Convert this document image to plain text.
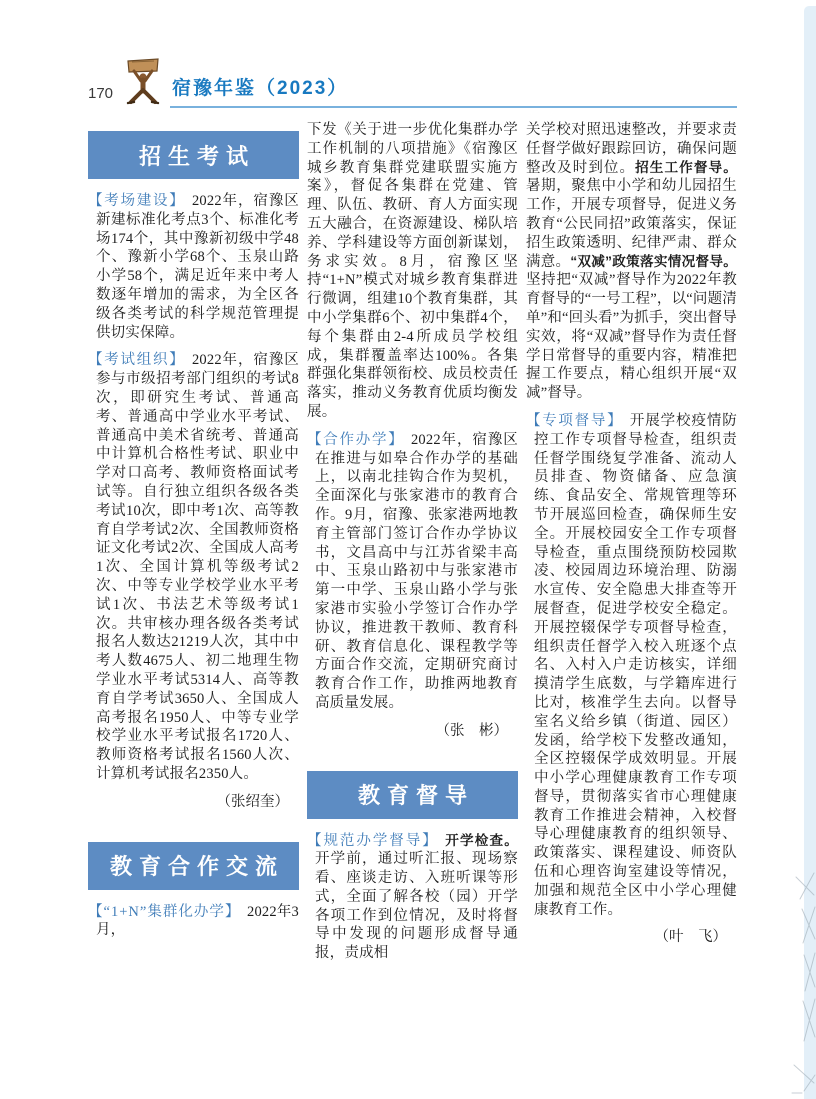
170	宿豫年鉴（2023）
招生考试

【考场建设】 2022年，宿豫区新建标准化考点3个、标准化考场174个，其中豫新初级中学48个、豫新小学68个、玉泉山路小学58个，满足近年来中考人数逐年增加的需求，为全区各级各类考试的科学规范管理提供切实保障。

【考试组织】 2022年，宿豫区参与市级招考部门组织的考试8次，即研究生考试、普通高考、普通高中学业水平考试、普通高中美术省统考、普通高中计算机合格性考试、职业中学对口高考、教师资格面试考试等。自行独立组织各级各类考试10次，即中考1次、高等教育自学考试2次、全国教师资格证文化考试2次、全国成人高考1次、全国计算机等级考试2次、中等专业学校学业水平考试1次、书法艺术等级考试1次。共审核办理各级各类考试报名人数达21219人次，其中中考人数4675人、初二地理生物学业水平考试5314人、高等教育自学考试3650人、全国成人高考报名1950人、中等专业学校学业水平考试报名1720人、教师资格考试报名1560人次、计算机考试报名2350人。

（张绍奎）
教育合作交流

【“1+N”集群化办学】 2022年3月，

下发《关于进一步优化集群办学工作机制的八项措施》《宿豫区城乡教育集群党建联盟实施方案》，督促各集群在党建、管理、队伍、教研、育人方面实现五大融合，在资源建设、梯队培养、学科建设等方面创新谋划，务求实效。8月，宿豫区坚持“1+N”模式对城乡教育集群进行微调，组建10个教育集群，其中小学集群6个、初中集群4个，每个集群由2-4所成员学校组成，集群覆盖率达100%。各集群强化集群领衔校、成员校责任落实，推动义务教育优质均衡发展。

【合作办学】 2022年，宿豫区在推进与如皋合作办学的基础上，以南北挂钩合作为契机，全面深化与张家港市的教育合作。9月，宿豫、张家港两地教育主管部门签订合作办学协议书，文昌高中与江苏省梁丰高中、玉泉山路初中与张家港市第一中学、玉泉山路小学与张家港市实验小学签订合作办学协议，推进教干教师、教育科研、教育信息化、课程教学等方面合作交流，定期研究商讨教育合作工作，助推两地教育高质量发展。

（张　彬）
教育督导

【规范办学督导】 开学检查。开学前，通过听汇报、现场察看、座谈走访、入班听课等形式，全面了解各校（园）开学各项工作到位情况，及时将督导中发现的问题形成督导通报，责成相

关学校对照迅速整改，并要求责任督学做好跟踪回访，确保问题整改及时到位。招生工作督导。暑期，聚焦中小学和幼儿园招生工作，开展专项督导，促进义务教育“公民同招”政策落实，保证招生政策透明、纪律严肃、群众满意。“双减”政策落实情况督导。坚持把“双减”督导作为2022年教育督导的“一号工程”，以“问题清单”和“回头看”为抓手，突出督导实效，将“双减”督导作为责任督学日常督导的重要内容，精准把握工作要点，精心组织开展“双减”督导。

【专项督导】 开展学校疫情防控工作专项督导检查，组织责任督学围绕复学准备、流动人员排查、物资储备、应急演练、食品安全、常规管理等环节开展巡回检查，确保师生安全。开展校园安全工作专项督导检查，重点围绕预防校园欺凌、校园周边环境治理、防溺水宣传、安全隐患大排查等开展督查，促进学校安全稳定。开展控辍保学专项督导检查，组织责任督学入校入班逐个点名、入村入户走访核实，详细摸清学生底数，与学籍库进行比对，核准学生去向。以督导室名义给乡镇（街道、园区）发函，给学校下发整改通知，全区控辍保学成效明显。开展中小学心理健康教育工作专项督导，贯彻落实省市心理健康教育工作推进会精神，入校督导心理健康教育的组织领导、政策落实、课程建设、师资队伍和心理咨询室建设等情况，加强和规范全区中小学心理健康教育工作。

（叶　飞）
